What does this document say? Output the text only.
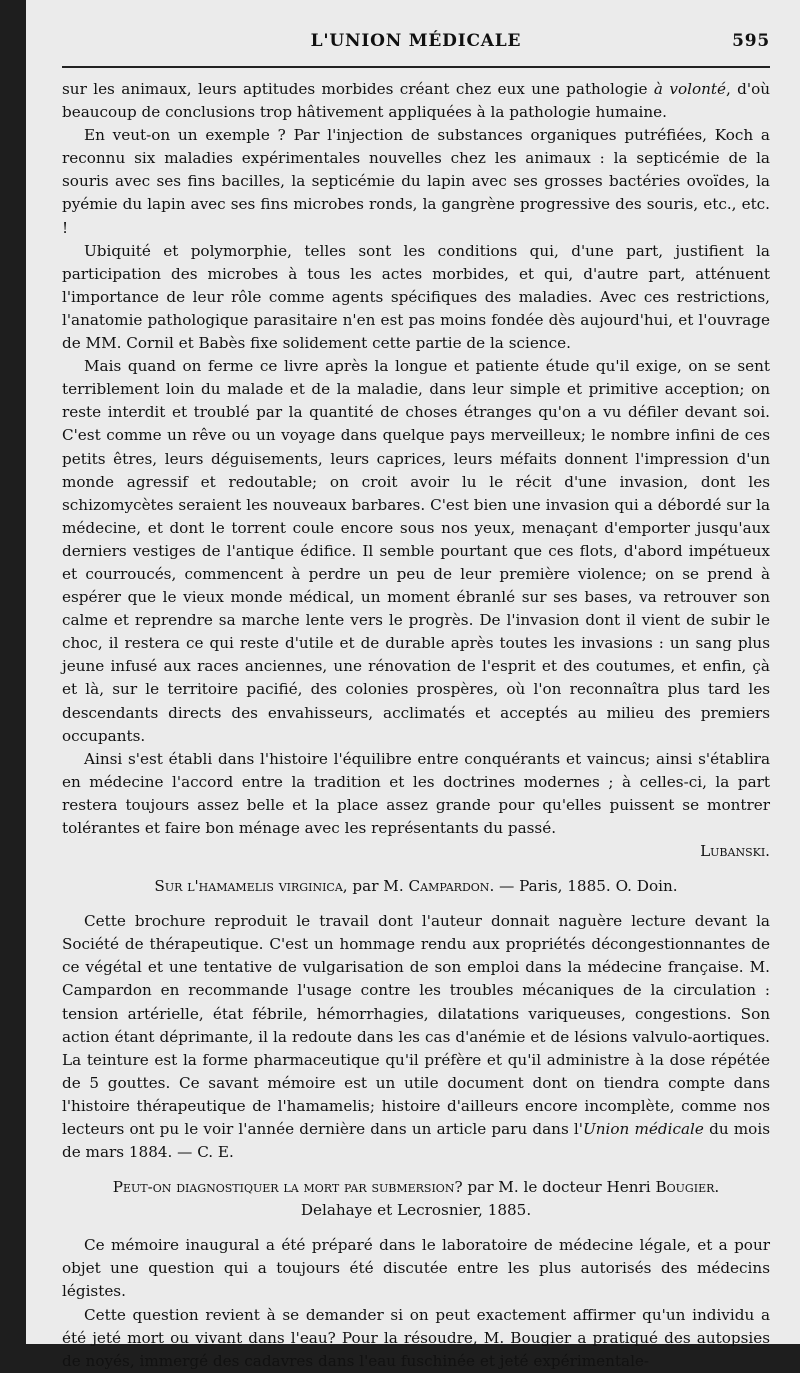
L'UNION MÉDICALE	595

sur les animaux, leurs aptitudes morbides créant chez eux une pathologie à volonté, d'où beaucoup de conclusions trop hâtivement appliquées à la pathologie humaine.

En veut-on un exemple ? Par l'injection de substances organiques putréfiées, Koch a reconnu six maladies expérimentales nouvelles chez les animaux : la septicémie de la souris avec ses fins bacilles, la septicémie du lapin avec ses grosses bactéries ovoïdes, la pyémie du lapin avec ses fins microbes ronds, la gangrène progressive des souris, etc., etc. !

Ubiquité et polymorphie, telles sont les conditions qui, d'une part, justifient la participation des microbes à tous les actes morbides, et qui, d'autre part, atténuent l'importance de leur rôle comme agents spécifiques des maladies. Avec ces restrictions, l'anatomie pathologique parasitaire n'en est pas moins fondée dès aujourd'hui, et l'ouvrage de MM. Cornil et Babès fixe solidement cette partie de la science.

Mais quand on ferme ce livre après la longue et patiente étude qu'il exige, on se sent terriblement loin du malade et de la maladie, dans leur simple et primitive acception; on reste interdit et troublé par la quantité de choses étranges qu'on a vu défiler devant soi. C'est comme un rêve ou un voyage dans quelque pays merveilleux; le nombre infini de ces petits êtres, leurs déguisements, leurs caprices, leurs méfaits donnent l'impression d'un monde agressif et redoutable; on croit avoir lu le récit d'une invasion, dont les schizomycètes seraient les nouveaux barbares. C'est bien une invasion qui a débordé sur la médecine, et dont le torrent coule encore sous nos yeux, menaçant d'emporter jusqu'aux derniers vestiges de l'antique édifice. Il semble pourtant que ces flots, d'abord impétueux et courroucés, commencent à perdre un peu de leur première violence; on se prend à espérer que le vieux monde médical, un moment ébranlé sur ses bases, va retrouver son calme et reprendre sa marche lente vers le progrès. De l'invasion dont il vient de subir le choc, il restera ce qui reste d'utile et de durable après toutes les invasions : un sang plus jeune infusé aux races anciennes, une rénovation de l'esprit et des coutumes, et enfin, çà et là, sur le territoire pacifié, des colonies prospères, où l'on reconnaîtra plus tard les descendants directs des envahisseurs, acclimatés et acceptés au milieu des premiers occupants.

Ainsi s'est établi dans l'histoire l'équilibre entre conquérants et vaincus; ainsi s'établira en médecine l'accord entre la tradition et les doctrines modernes ; à celles-ci, la part restera toujours assez belle et la place assez grande pour qu'elles puissent se montrer tolérantes et faire bon ménage avec les représentants du passé.

Lubanski.

Sur l'hamamelis virginica, par M. Campardon. — Paris, 1885. O. Doin.

Cette brochure reproduit le travail dont l'auteur donnait naguère lecture devant la Société de thérapeutique. C'est un hommage rendu aux propriétés décongestionnantes de ce végétal et une tentative de vulgarisation de son emploi dans la médecine française. M. Campardon en recommande l'usage contre les troubles mécaniques de la circulation : tension artérielle, état fébrile, hémorrhagies, dilatations variqueuses, congestions. Son action étant déprimante, il la redoute dans les cas d'anémie et de lésions valvulo-aortiques. La teinture est la forme pharmaceutique qu'il préfère et qu'il administre à la dose répétée de 5 gouttes. Ce savant mémoire est un utile document dont on tiendra compte dans l'histoire thérapeutique de l'hamamelis; histoire d'ailleurs encore incomplète, comme nos lecteurs ont pu le voir l'année dernière dans un article paru dans l'Union médicale du mois de mars 1884. — C. E.

Peut-on diagnostiquer la mort par submersion? par M. le docteur Henri Bougier.
Delahaye et Lecrosnier, 1885.

Ce mémoire inaugural a été préparé dans le laboratoire de médecine légale, et a pour objet une question qui a toujours été discutée entre les plus autorisés des médecins légistes.

Cette question revient à se demander si on peut exactement affirmer qu'un individu a été jeté mort ou vivant dans l'eau? Pour la résoudre, M. Bougier a pratiqué des autopsies de noyés, immergé des cadavres dans l'eau fuschinée et jeté expérimentale-
